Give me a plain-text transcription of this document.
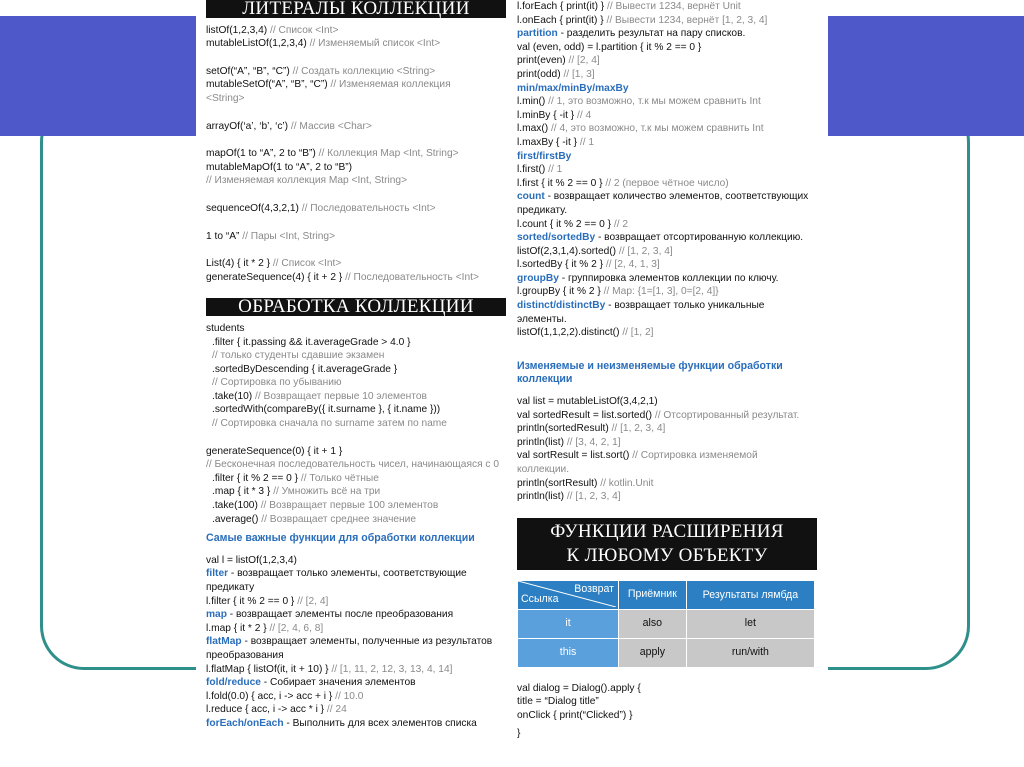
ЛИТЕРАЛЫ КОЛЛЕКЦИИ
listOf(1,2,3,4) // Список <Int>
mutableListOf(1,2,3,4) // Изменяемый список <Int>
setOf(“A”, “B”, “C”) // Создать коллекцию <String>
mutableSetOf(“A”, “B”, “C”) // Изменяемая коллекция
<String>
arrayOf(‘a’, ‘b’, ‘c’) // Массив <Char>
mapOf(1 to “A”, 2 to “B”) // Коллекция Map <Int, String>
mutableMapOf(1 to “A”, 2 to “B”)
// Изменяемая коллекция Map <Int, String>
sequenceOf(4,3,2,1) // Последовательность <Int>
1 to “A” // Пары <Int, String>
List(4) { it * 2 } // Список <Int>
generateSequence(4) { it + 2 } // Последовательность <Int>
ОБРАБОТКА КОЛЛЕКЦИИ
students
.filter { it.passing && it.averageGrade > 4.0 }
// только студенты сдавшие экзамен
.sortedByDescending { it.averageGrade }
// Сортировка по убыванию
.take(10) // Возвращает первые 10 элементов
.sortedWith(compareBy({ it.surname }, { it.name }))
// Сортировка сначала по surname затем по name
generateSequence(0) { it + 1 }
// Бесконечная последовательность чисел, начинающаяся с 0
.filter { it % 2 == 0 } // Только чётные
.map { it * 3 } // Умножить всё на три
.take(100) // Возвращает первые 100 элементов
.average() // Возвращает среднее значение
Самые важные функции для обработки коллекции
val l = listOf(1,2,3,4)
filter - возвращает только элементы, соответствующие
предикату
l.filter { it % 2 == 0 } // [2, 4]
map - возвращает элементы после преобразования
l.map { it * 2 } // [2, 4, 6, 8]
flatMap - возвращает элементы, полученные из результатов
преобразования
l.flatMap { listOf(it, it + 10) } // [1, 11, 2, 12, 3, 13, 4, 14]
fold/reduce - Собирает значения элементов
l.fold(0.0) { acc, i -> acc + i } // 10.0
l.reduce { acc, i -> acc * i } // 24
forEach/onEach - Выполнить для всех элементов списка
l.forEach { print(it) } // Вывести 1234, вернёт Unit
l.onEach { print(it) } // Вывести 1234, вернёт [1, 2, 3, 4]
partition - разделить результат на пару списков.
val (even, odd) = l.partition { it % 2 == 0 }
print(even) // [2, 4]
print(odd) // [1, 3]
min/max/minBy/maxBy
l.min() // 1, это возможно, т.к мы можем сравнить Int
l.minBy { -it } // 4
l.max() // 4, это возможно, т.к мы можем сравнить Int
l.maxBy { -it } // 1
first/firstBy
l.first() // 1
l.first { it % 2 == 0 } // 2 (первое чётное число)
count - возвращает количество элементов, соответствующих
предикату.
l.count { it % 2 == 0 } // 2
sorted/sortedBy - возвращает отсортированную коллекцию.
listOf(2,3,1,4).sorted() // [1, 2, 3, 4]
l.sortedBy { it % 2 } // [2, 4, 1, 3]
groupBy - группировка элементов коллекции по ключу.
l.groupBy { it % 2 } // Map: {1=[1, 3], 0=[2, 4]}
distinct/distinctBy - возвращает только уникальные
элементы.
listOf(1,1,2,2).distinct() // [1, 2]
Изменяемые и неизменяемые функции обработки
коллекции
val list = mutableListOf(3,4,2,1)
val sortedResult = list.sorted() // Отсортированный результат.
println(sortedResult) // [1, 2, 3, 4]
println(list) // [3, 4, 2, 1]
val sortResult = list.sort() // Сортировка изменяемой
коллекции.
println(sortResult) // kotlin.Unit
println(list) // [1, 2, 3, 4]
ФУНКЦИИ РАСШИРЕНИЯ
К ЛЮБОМУ ОБЪЕКТУ
Возврат
Ссылка	Приёмник	Результаты лямбда
it	also	let
this	apply	run/with
val dialog = Dialog().apply {
title = “Dialog title”
onClick { print(“Clicked”) }
}
